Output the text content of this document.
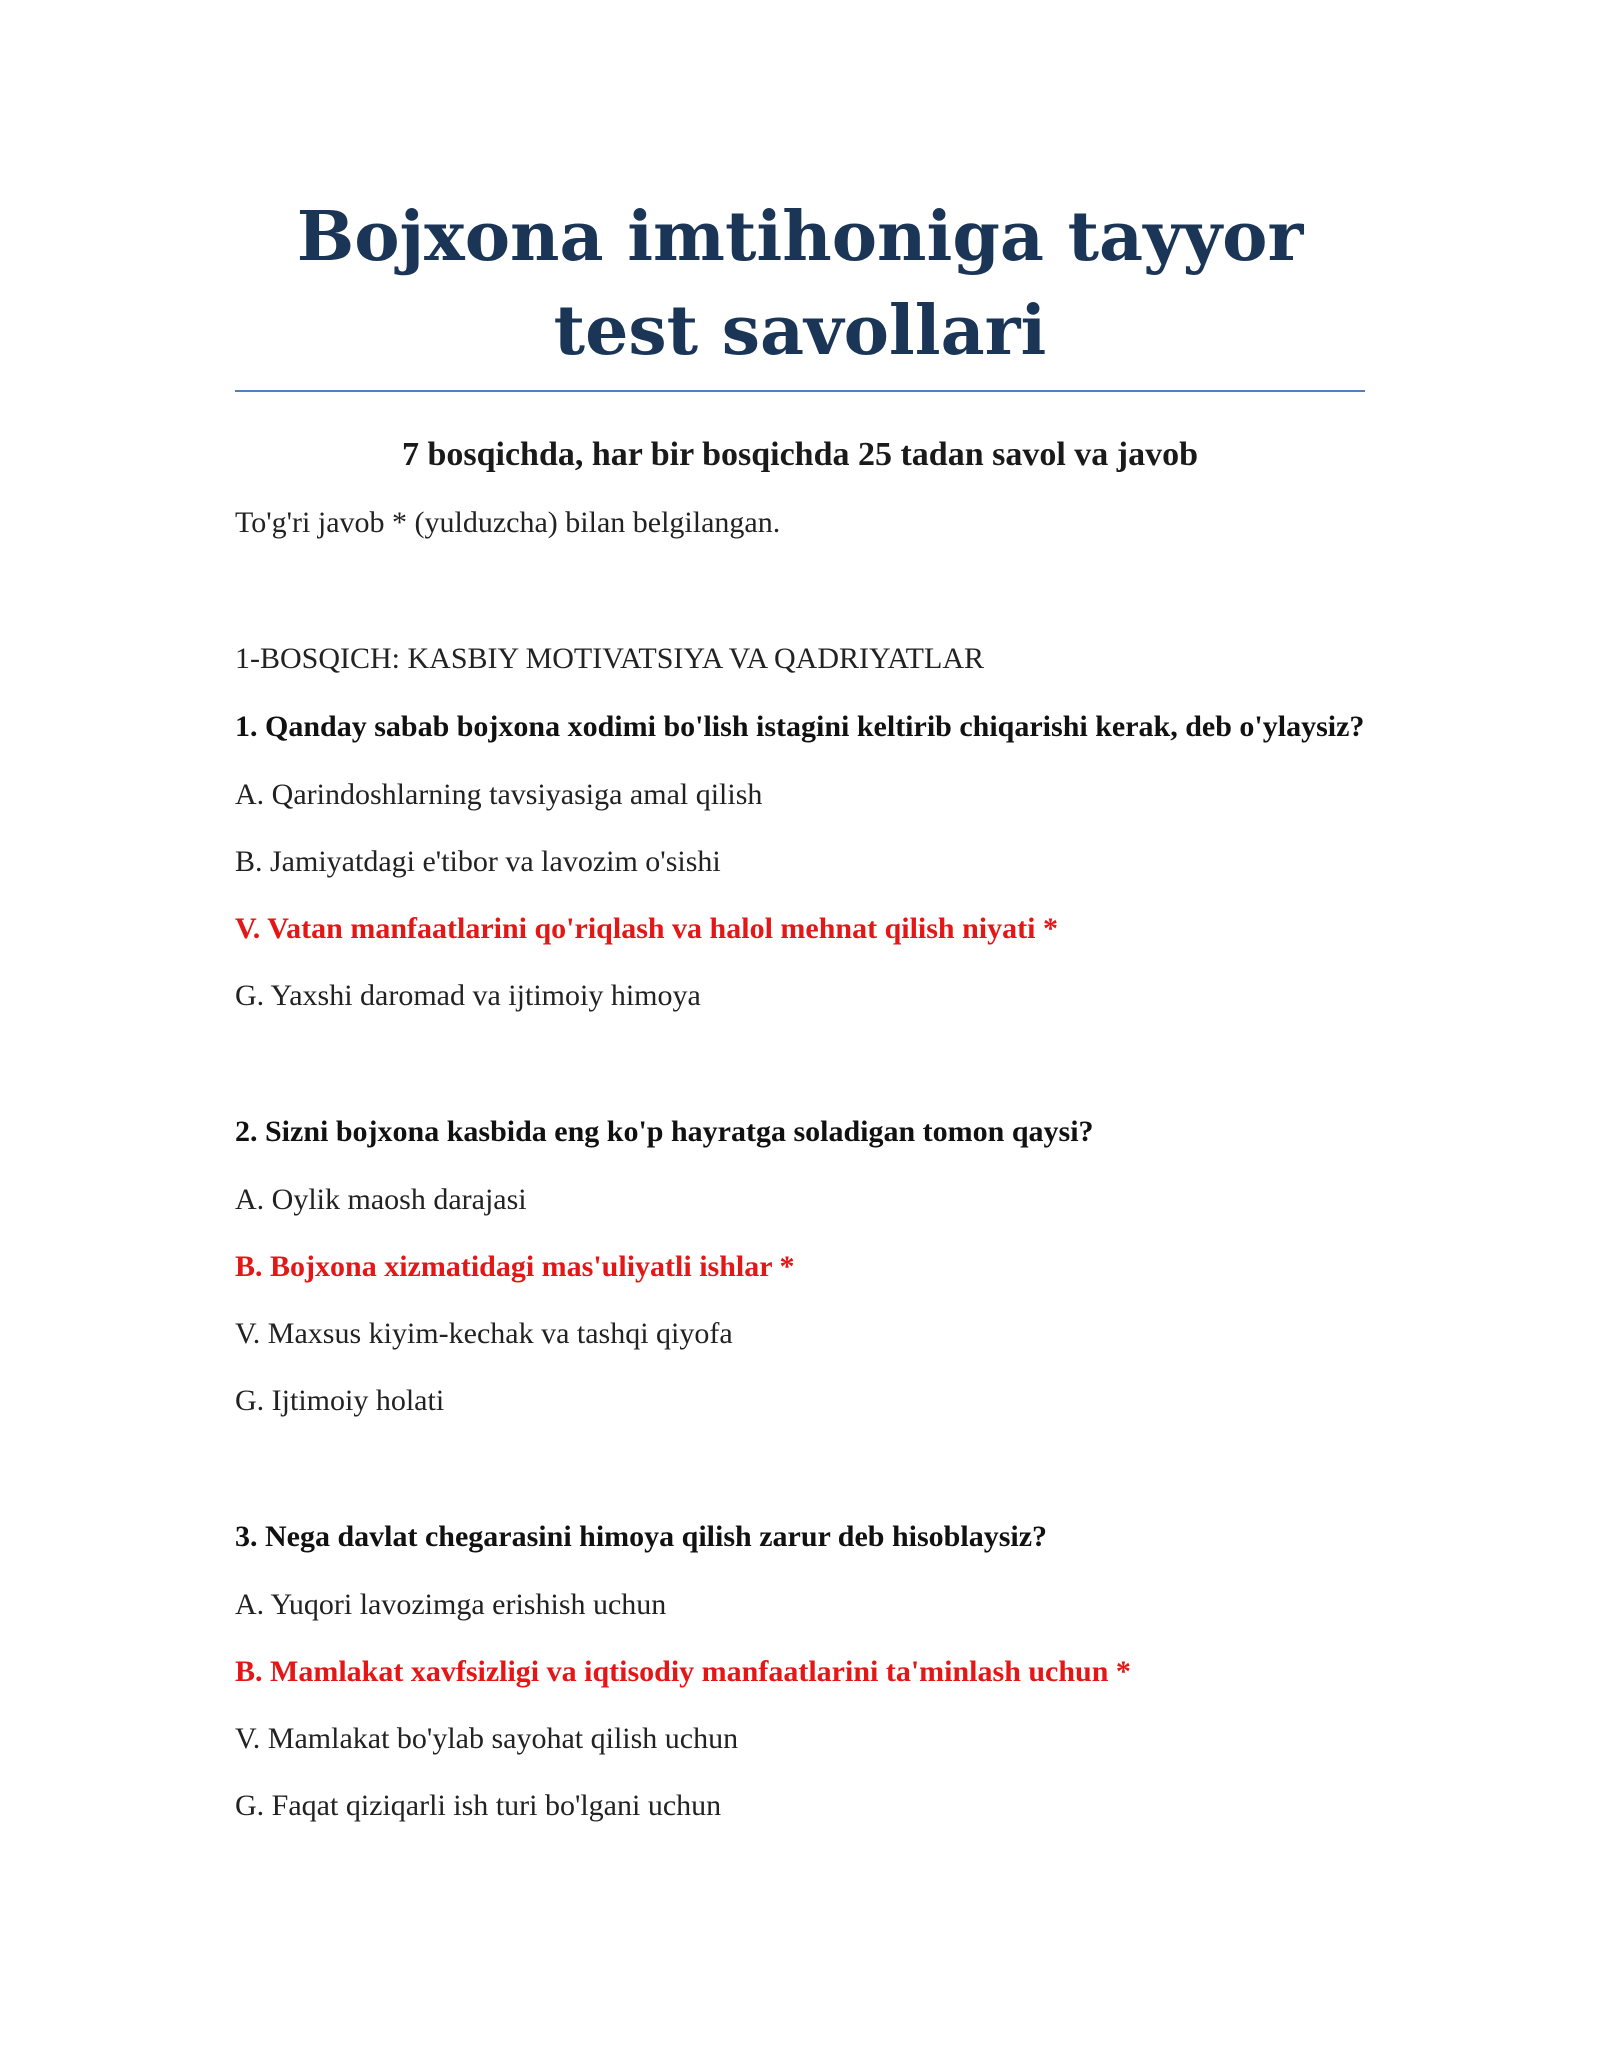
Bojxona imtihoniga tayyor test savollari
7 bosqichda, har bir bosqichda 25 tadan savol va javob
To'g'ri javob * (yulduzcha) bilan belgilangan.
1-BOSQICH: KASBIY MOTIVATSIYA VA QADRIYATLAR
1. Qanday sabab bojxona xodimi bo'lish istagini keltirib chiqarishi kerak, deb o'ylaysiz?
A. Qarindoshlarning tavsiyasiga amal qilish
B. Jamiyatdagi e'tibor va lavozim o'sishi
V. Vatan manfaatlarini qo'riqlash va halol mehnat qilish niyati *
G. Yaxshi daromad va ijtimoiy himoya
2. Sizni bojxona kasbida eng ko'p hayratga soladigan tomon qaysi?
A. Oylik maosh darajasi
B. Bojxona xizmatidagi mas'uliyatli ishlar *
V. Maxsus kiyim-kechak va tashqi qiyofa
G. Ijtimoiy holati
3. Nega davlat chegarasini himoya qilish zarur deb hisoblaysiz?
A. Yuqori lavozimga erishish uchun
B. Mamlakat xavfsizligi va iqtisodiy manfaatlarini ta'minlash uchun *
V. Mamlakat bo'ylab sayohat qilish uchun
G. Faqat qiziqarli ish turi bo'lgani uchun
